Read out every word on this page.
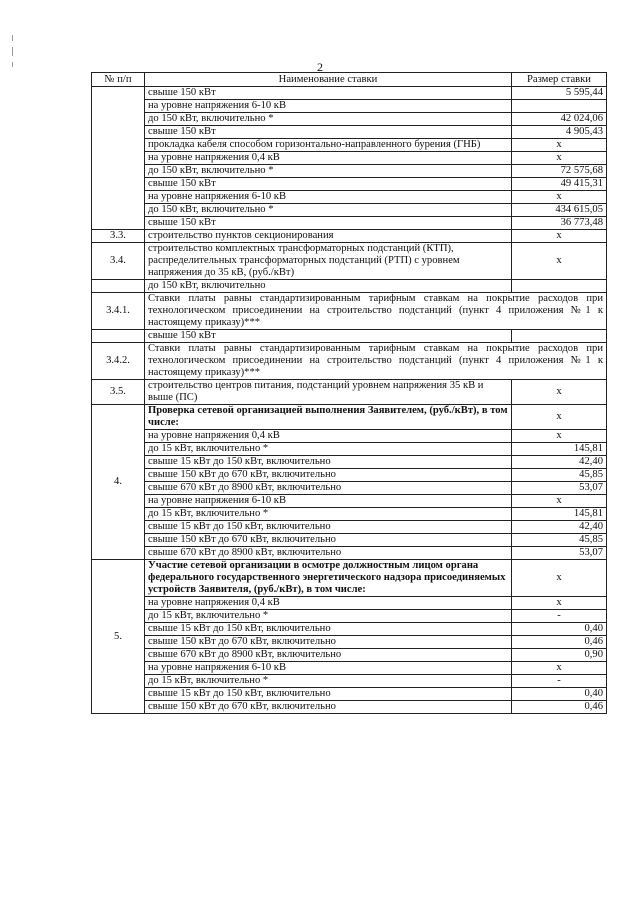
2
№ п/п	Наименование ставки	Размер ставки
	свыше 150 кВт	5 595,44
	на уровне напряжения 6-10 кВ	
	до 150 кВт, включительно *	42 024,06
	свыше 150 кВт	4 905,43
	прокладка кабеля способом горизонтально-направленного бурения (ГНБ)	х
	на уровне напряжения 0,4 кВ	х
	до 150 кВт, включительно *	72 575,68
	свыше 150 кВт	49 415,31
	на уровне напряжения 6-10 кВ	х
	до 150 кВт, включительно *	434 615,05
	свыше 150 кВт	36 773,48
3.3.	строительство пунктов секционирования	х
3.4.	строительство комплектных трансформаторных подстанций (КТП), распределительных трансформаторных подстанций (РТП) с уровнем напряжения до 35 кВ, (руб./кВт)	х
	до 150 кВт, включительно	
3.4.1.	Ставки платы равны стандартизированным тарифным ставкам на покрытие расходов при технологическом присоединении на строительство подстанций (пункт 4 приложения №1 к настоящему приказу)***	
	свыше 150 кВт	
3.4.2.	Ставки платы равны стандартизированным тарифным ставкам на покрытие расходов при технологическом присоединении на строительство подстанций (пункт 4 приложения №1 к настоящему приказу)***	
3.5.	строительство центров питания, подстанций уровнем напряжения 35 кВ и выше (ПС)	х
4.	Проверка сетевой организацией выполнения Заявителем, (руб./кВт), в том числе:	х
	на уровне напряжения 0,4 кВ	х
	до 15 кВт, включительно *	145,81
	свыше 15 кВт до 150 кВт, включительно	42,40
	свыше 150 кВт до 670 кВт, включительно	45,85
	свыше 670 кВт до 8900 кВт, включительно	53,07
	на уровне напряжения 6-10 кВ	х
	до 15 кВт, включительно *	145,81
	свыше 15 кВт до 150 кВт, включительно	42,40
	свыше 150 кВт до 670 кВт, включительно	45,85
	свыше 670 кВт до 8900 кВт, включительно	53,07
5.	Участие сетевой организации в осмотре должностным лицом органа федерального государственного энергетического надзора присоединяемых устройств Заявителя, (руб./кВт), в том числе:	х
	на уровне напряжения 0,4 кВ	х
	до 15 кВт, включительно *	-
	свыше 15 кВт до 150 кВт, включительно	0,40
	свыше 150 кВт до 670 кВт, включительно	0,46
	свыше 670 кВт до 8900 кВт, включительно	0,90
	на уровне напряжения 6-10 кВ	х
	до 15 кВт, включительно *	-
	свыше 15 кВт до 150 кВт, включительно	0,40
	свыше 150 кВт до 670 кВт, включительно	0,46
